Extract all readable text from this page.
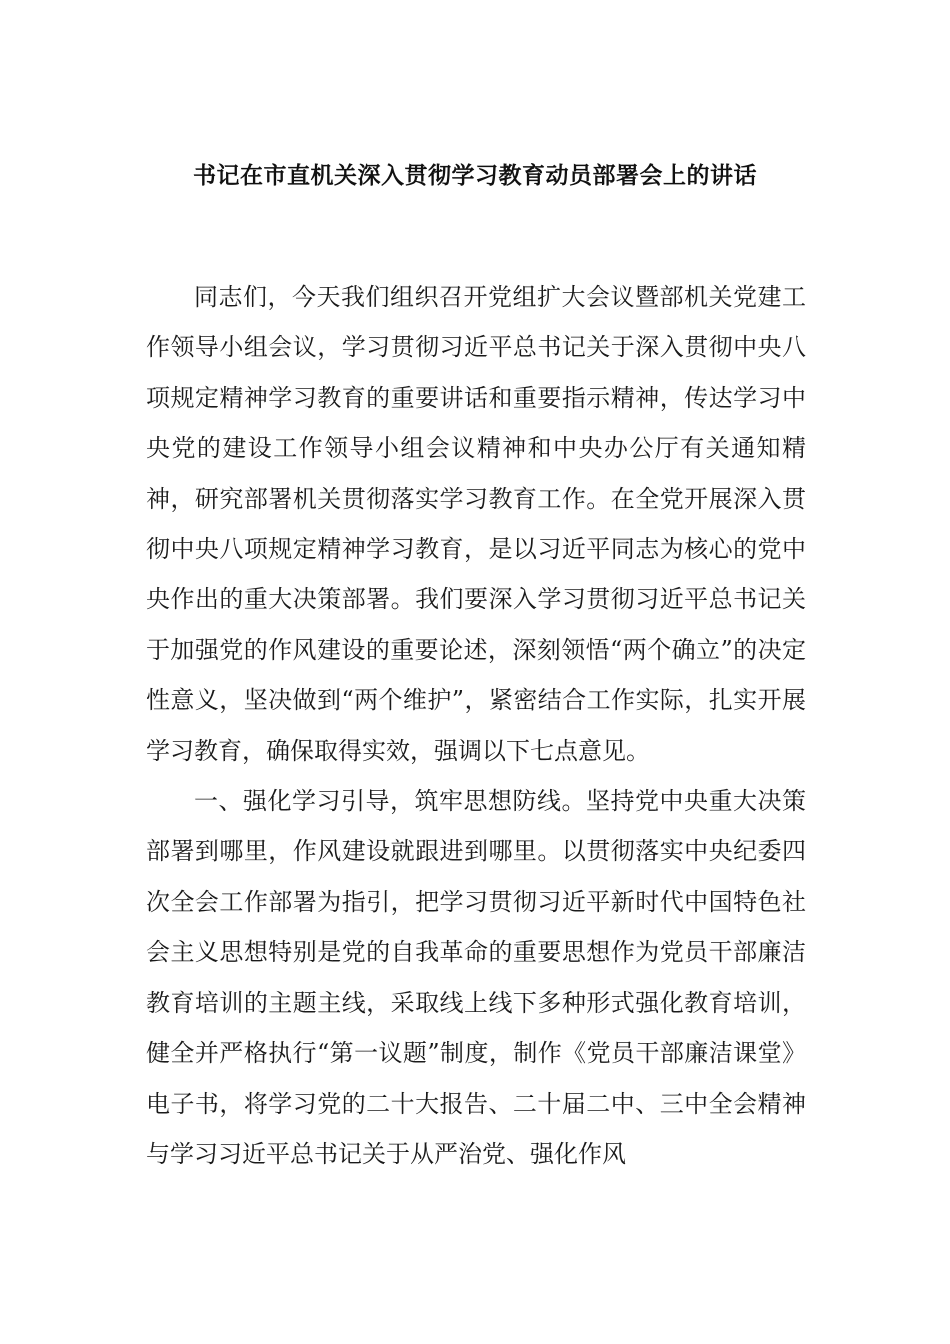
书记在市直机关深入贯彻学习教育动员部署会上的讲话

同志们，今天我们组织召开党组扩大会议暨部机关党建工作领导小组会议，学习贯彻习近平总书记关于深入贯彻中央八项规定精神学习教育的重要讲话和重要指示精神，传达学习中央党的建设工作领导小组会议精神和中央办公厅有关通知精神，研究部署机关贯彻落实学习教育工作。在全党开展深入贯彻中央八项规定精神学习教育，是以习近平同志为核心的党中央作出的重大决策部署。我们要深入学习贯彻习近平总书记关于加强党的作风建设的重要论述，深刻领悟“两个确立”的决定性意义，坚决做到“两个维护”，紧密结合工作实际，扎实开展学习教育，确保取得实效，强调以下七点意见。

一、强化学习引导，筑牢思想防线。坚持党中央重大决策部署到哪里，作风建设就跟进到哪里。以贯彻落实中央纪委四次全会工作部署为指引，把学习贯彻习近平新时代中国特色社会主义思想特别是党的自我革命的重要思想作为党员干部廉洁教育培训的主题主线，采取线上线下多种形式强化教育培训，健全并严格执行“第一议题”制度，制作《党员干部廉洁课堂》电子书，将学习党的二十大报告、二十届二中、三中全会精神与学习习近平总书记关于从严治党、强化作风
